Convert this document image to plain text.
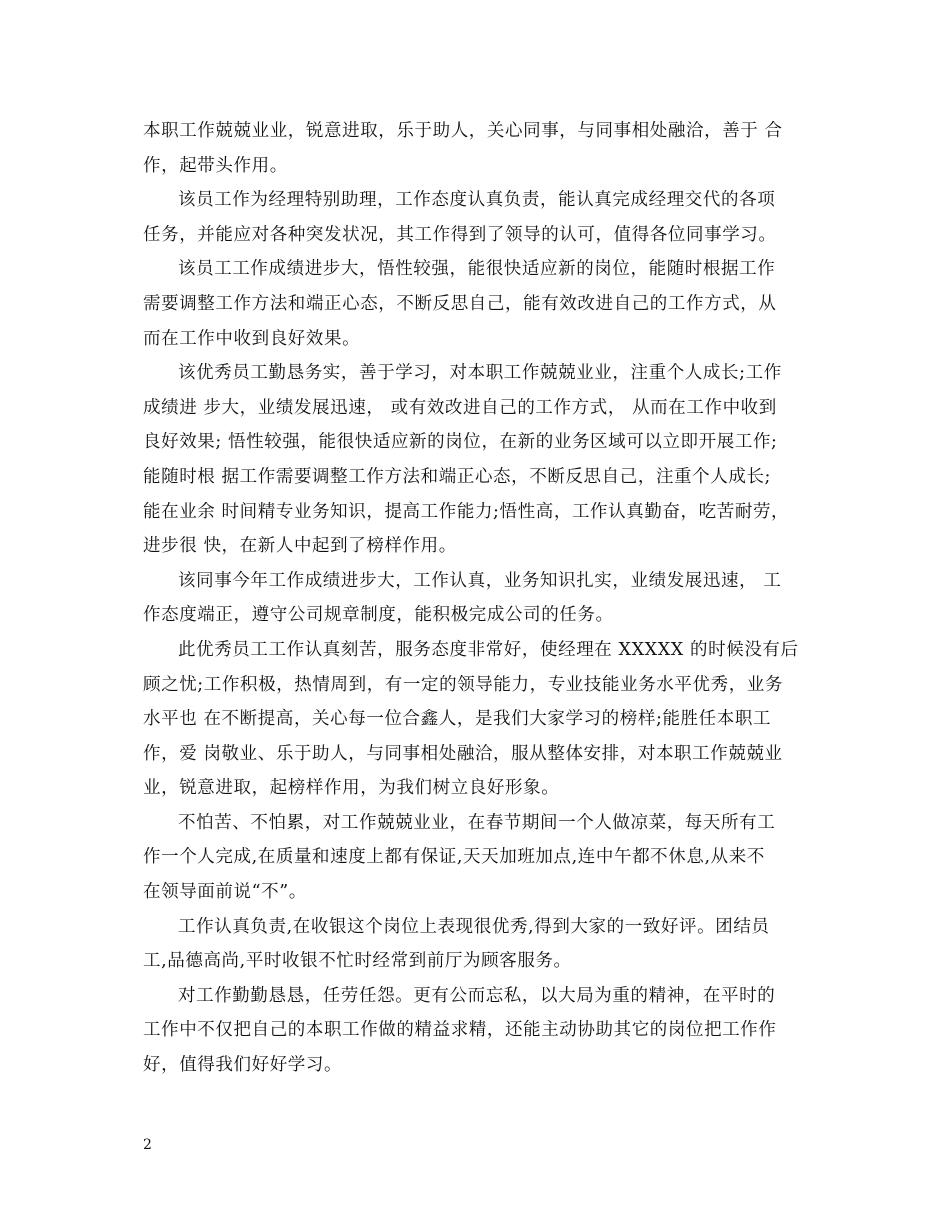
本职工作兢兢业业，锐意进取，乐于助人，关心同事，与同事相处融洽，善于 合
作，起带头作用。

该员工作为经理特别助理，工作态度认真负责，能认真完成经理交代的各项
任务，并能应对各种突发状况，其工作得到了领导的认可，值得各位同事学习。

该员工工作成绩进步大，悟性较强，能很快适应新的岗位，能随时根据工作
需要调整工作方法和端正心态，不断反思自己，能有效改进自己的工作方式，从
而在工作中收到良好效果。

该优秀员工勤恳务实，善于学习，对本职工作兢兢业业，注重个人成长;工作
成绩进 步大，业绩发展迅速， 或有效改进自己的工作方式， 从而在工作中收到
良好效果; 悟性较强，能很快适应新的岗位，在新的业务区域可以立即开展工作;
能随时根 据工作需要调整工作方法和端正心态，不断反思自己，注重个人成长;
能在业余 时间精专业务知识，提高工作能力;悟性高，工作认真勤奋，吃苦耐劳，
进步很 快，在新人中起到了榜样作用。

该同事今年工作成绩进步大，工作认真，业务知识扎实，业绩发展迅速， 工
作态度端正，遵守公司规章制度，能积极完成公司的任务。

此优秀员工工作认真刻苦，服务态度非常好，使经理在 XXXXX 的时候没有后
顾之忧;工作积极，热情周到，有一定的领导能力，专业技能业务水平优秀，业务
水平也 在不断提高，关心每一位合鑫人，是我们大家学习的榜样;能胜任本职工
作，爱 岗敬业、乐于助人，与同事相处融洽，服从整体安排，对本职工作兢兢业
业，锐意进取，起榜样作用，为我们树立良好形象。

不怕苦、不怕累，对工作兢兢业业，在春节期间一个人做凉菜，每天所有工
作一个人完成,在质量和速度上都有保证,天天加班加点,连中午都不休息,从来不
在领导面前说“不”。

工作认真负责,在收银这个岗位上表现很优秀,得到大家的一致好评。团结员
工,品德高尚,平时收银不忙时经常到前厅为顾客服务。

对工作勤勤恳恳，任劳任怨。更有公而忘私，以大局为重的精神，在平时的
工作中不仅把自己的本职工作做的精益求精，还能主动协助其它的岗位把工作作
好，值得我们好好学习。

2
